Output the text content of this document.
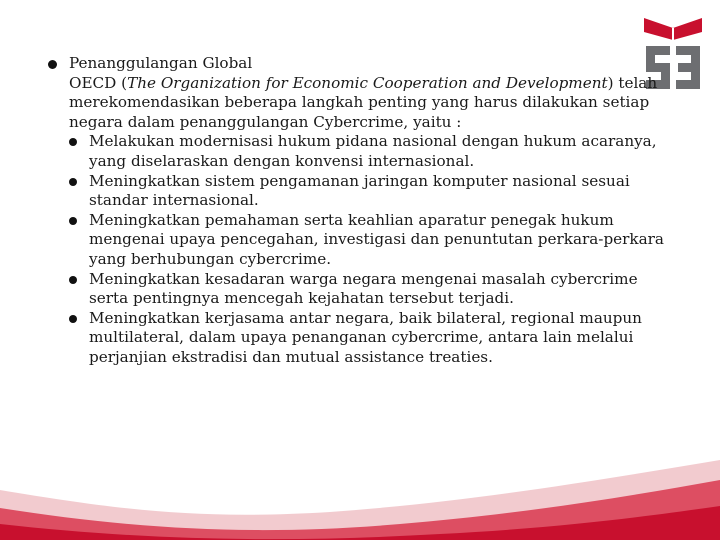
Penanggulangan Global
OECD (The Organization for Economic Cooperation and Development) telah merekomendasikan beberapa langkah penting yang harus dilakukan setiap negara dalam penanggulangan Cybercrime, yaitu :
Melakukan modernisasi hukum pidana nasional dengan hukum acaranya, yang diselaraskan dengan konvensi internasional.
Meningkatkan sistem pengamanan jaringan komputer nasional sesuai standar internasional.
Meningkatkan pemahaman serta keahlian aparatur penegak hukum mengenai upaya pencegahan, investigasi dan penuntutan perkara-perkara yang berhubungan cybercrime.
Meningkatkan kesadaran warga negara mengenai masalah cybercrime serta pentingnya mencegah kejahatan tersebut terjadi.
Meningkatkan kerjasama antar negara, baik bilateral, regional maupun multilateral, dalam upaya penanganan cybercrime, antara lain melalui perjanjian ekstradisi dan mutual assistance treaties.
